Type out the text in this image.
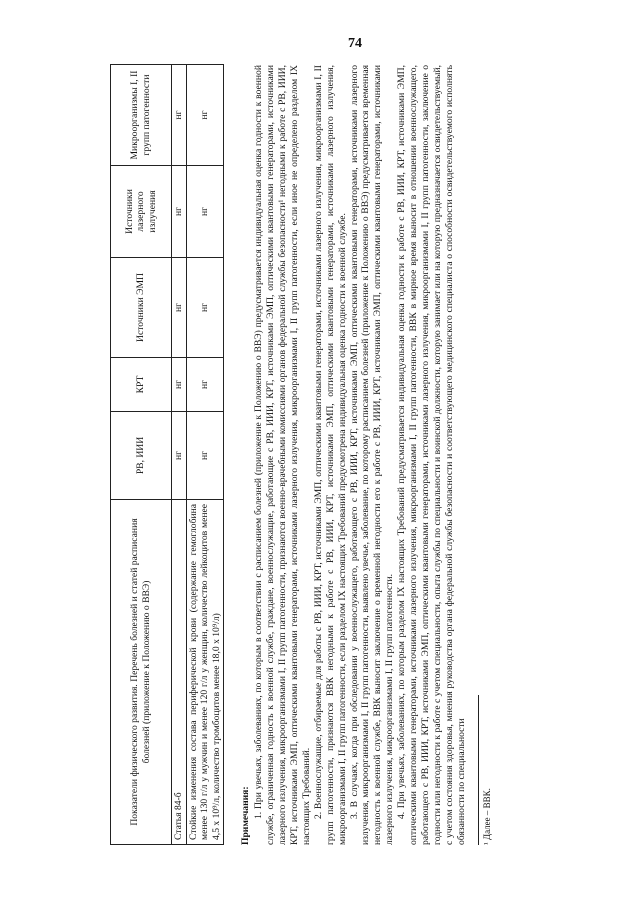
74
Показатели физического развития. Перечень болезней и статей расписания болезней (приложение к Положению о ВВЭ)	РВ, ИИИ	КРТ	Источники ЭМП	Источники лазерного излучения	Микроорганизмы I, II групп патогенности
Статья 84-б	нг	нг	нг	нг	нг
Стойкие изменения состава периферической крови (содержание гемоглобина менее 130 г/л у мужчин и менее 120 г/л у женщин, количество лейкоцитов менее 4,5 х 10⁹/л, количество тромбоцитов менее 18,0 х 10⁹/л)	нг	нг	нг	нг	нг
Примечания: 1. При увечьях, заболеваниях, по которым в соответствии с расписанием болезней (приложение к Положению о ВВЭ) предусматривается индивидуальная оценка годности к военной службе, ограниченная годность к военной службе, граждане, военнослужащие, работающие с РВ, ИИИ, КРТ, источниками ЭМП, оптическими квантовыми генераторами, источниками лазерного излучения, микроорганизмами I, II групп патогенности, признаются военно-врачебными комиссиями органов федеральной службы безопасности¹ негодными к работе с РВ, ИИИ, КРТ, источниками ЭМП, оптическими квантовыми генераторами, источниками лазерного излучения, микроорганизмами I, II групп патогенности, если иное не определено разделом IX настоящих Требований. 2. Военнослужащие, отбираемые для работы с РВ, ИИИ, КРТ, источниками ЭМП, оптическими квантовыми генераторами, источниками лазерного излучения, микроорганизмами I, II групп патогенности, признаются ВВК негодными к работе с РВ, ИИИ, КРТ, источниками ЭМП, оптическими квантовыми генераторами, источниками лазерного излучения, микроорганизмами I, II групп патогенности, если разделом IX настоящих Требований предусмотрена индивидуальная оценка годности к военной службе. 3. В случаях, когда при обследовании у военнослужащего, работающего с РВ, ИИИ, КРТ, источниками ЭМП, оптическими квантовыми генераторами, источниками лазерного излучения, микроорганизмами I, II групп патогенности, выявлено увечье, заболевание, по которому расписанием болезней (приложение к Положению о ВВЭ) предусматривается временная негодность к военной службе, ВВК выносит заключение о временной негодности его к работе с РВ, ИИИ, КРТ, источниками ЭМП, оптическими квантовыми генераторами, источниками лазерного излучения, микроорганизмами I, II групп патогенности. 4. При увечьях, заболеваниях, по которым разделом IX настоящих Требований предусматривается индивидуальная оценка годности к работе с РВ, ИИИ, КРТ, источниками ЭМП, оптическими квантовыми генераторами, источниками лазерного излучения, микроорганизмами I, II групп патогенности, ВВК в мирное время выносит в отношении военнослужащего, работающего с РВ, ИИИ, КРТ, источниками ЭМП, оптическими квантовыми генераторами, источниками лазерного излучения, микроорганизмами I, II групп патогенности, заключение о годности или негодности к работе с учетом специальности, опыта службы по специальности и воинской должности, которую занимает или на которую предназначается освидетельствуемый, с учетом состояния здоровья, мнения руководства органа федеральной службы безопасности и соответствующего медицинского специалиста о способности освидетельствуемого исполнять обязанности по специальности ¹ Далее – ВВК.
